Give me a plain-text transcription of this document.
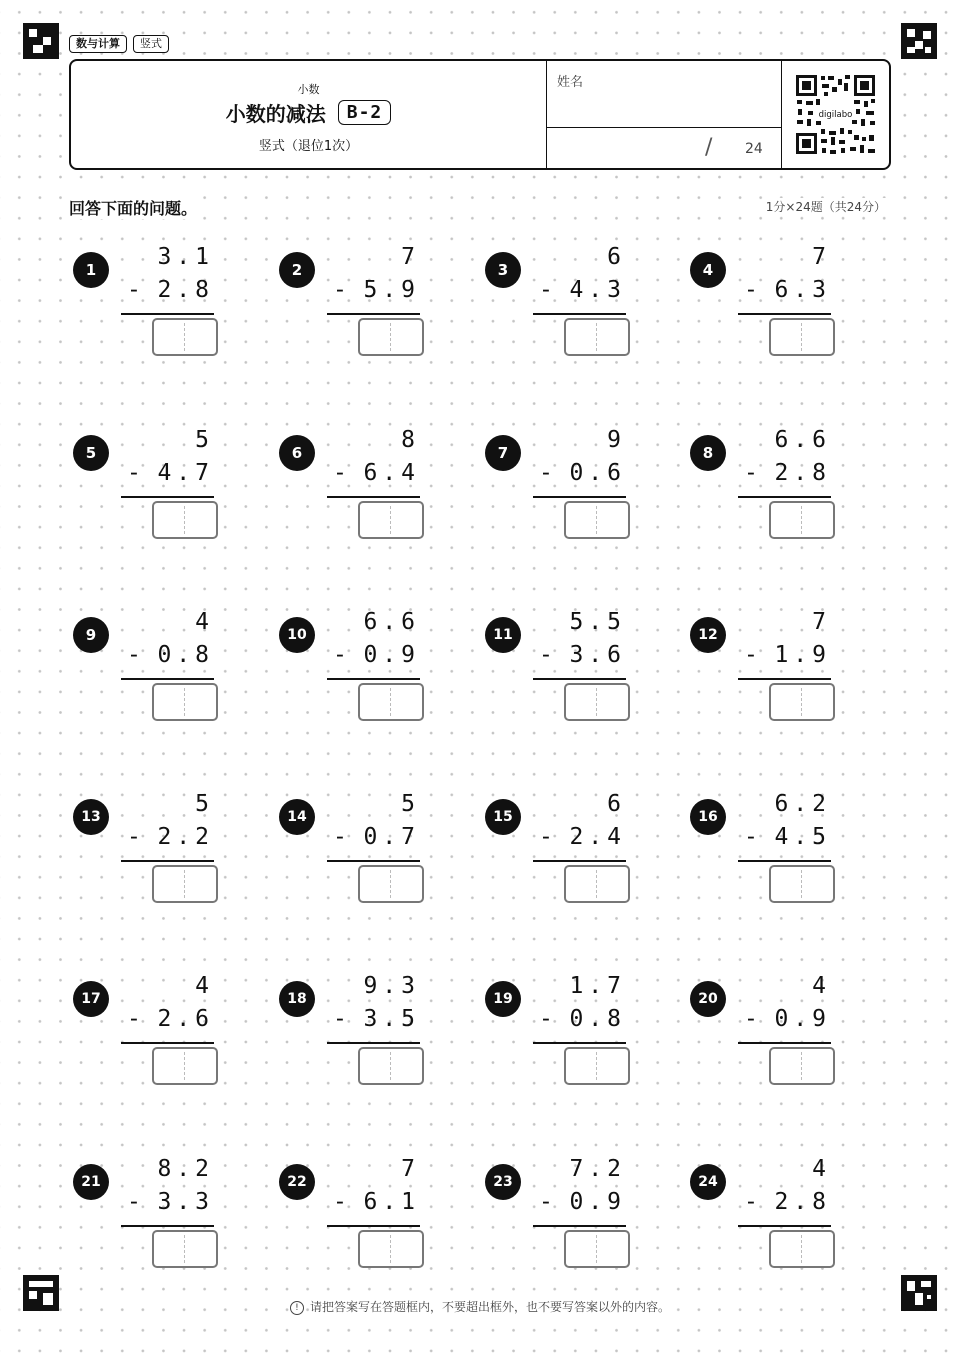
数与计算	竖式
小数
小数的减法	B-2
竖式（退位1次）
姓名
/ 24
digilabo
回答下面的问题。	1分×24题（共24分）
1	3.1
- 2.8
2	7
- 5.9
3	6
- 4.3
4	7
- 6.3
5	5
- 4.7
6	8
- 6.4
7	9
- 0.6
8	6.6
- 2.8
9	4
- 0.8
10	6.6
- 0.9
11	5.5
- 3.6
12	7
- 1.9
13	5
- 2.2
14	5
- 0.7
15	6
- 2.4
16	6.2
- 4.5
17	4
- 2.6
18	9.3
- 3.5
19	1.7
- 0.8
20	4
- 0.9
21	8.2
- 3.3
22	7
- 6.1
23	7.2
- 0.9
24	4
- 2.8
! 请把答案写在答题框内，不要超出框外，也不要写答案以外的内容。
